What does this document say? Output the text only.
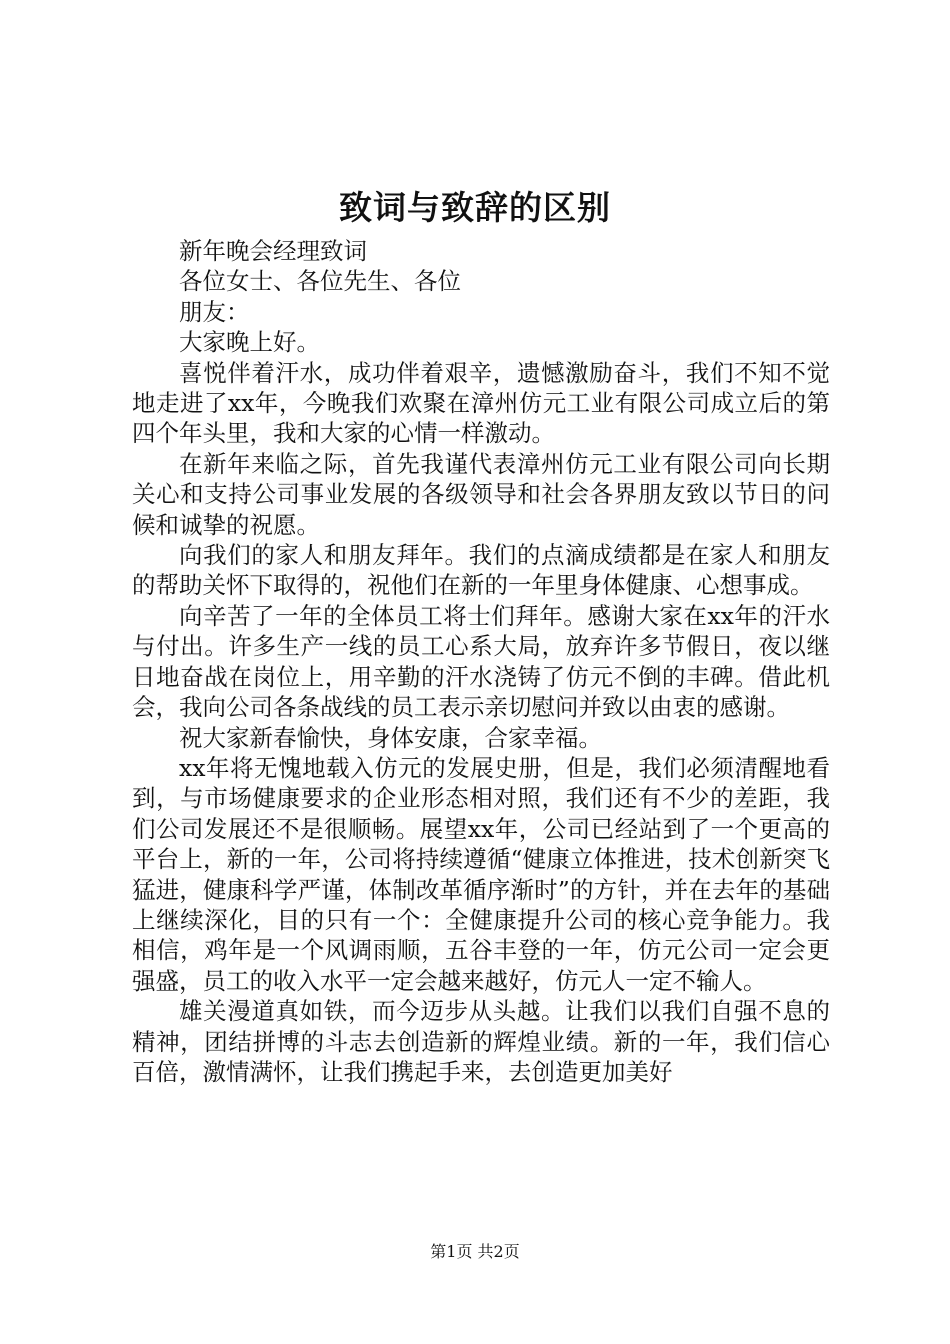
致词与致辞的区别

新年晚会经理致词

各位女士、各位先生、各位

朋友：

大家晚上好。

喜悦伴着汗水，成功伴着艰辛，遗憾激励奋斗，我们不知不觉地走进了xx年，今晚我们欢聚在漳州仿元工业有限公司成立后的第四个年头里，我和大家的心情一样激动。

在新年来临之际，首先我谨代表漳州仿元工业有限公司向长期关心和支持公司事业发展的各级领导和社会各界朋友致以节日的问候和诚挚的祝愿。

向我们的家人和朋友拜年。我们的点滴成绩都是在家人和朋友的帮助关怀下取得的，祝他们在新的一年里身体健康、心想事成。

向辛苦了一年的全体员工将士们拜年。感谢大家在xx年的汗水与付出。许多生产一线的员工心系大局，放弃许多节假日，夜以继日地奋战在岗位上，用辛勤的汗水浇铸了仿元不倒的丰碑。借此机会，我向公司各条战线的员工表示亲切慰问并致以由衷的感谢。

祝大家新春愉快，身体安康，合家幸福。

xx年将无愧地载入仿元的发展史册，但是，我们必须清醒地看到，与市场健康要求的企业形态相对照，我们还有不少的差距，我们公司发展还不是很顺畅。展望xx年，公司已经站到了一个更高的平台上，新的一年，公司将持续遵循“健康立体推进，技术创新突飞猛进，健康科学严谨，体制改革循序渐时”的方针，并在去年的基础上继续深化，目的只有一个：全健康提升公司的核心竞争能力。我相信，鸡年是一个风调雨顺，五谷丰登的一年，仿元公司一定会更强盛，员工的收入水平一定会越来越好，仿元人一定不输人。

雄关漫道真如铁，而今迈步从头越。让我们以我们自强不息的精神，团结拼博的斗志去创造新的辉煌业绩。新的一年，我们信心百倍，激情满怀，让我们携起手来，去创造更加美好

第1页 共2页
